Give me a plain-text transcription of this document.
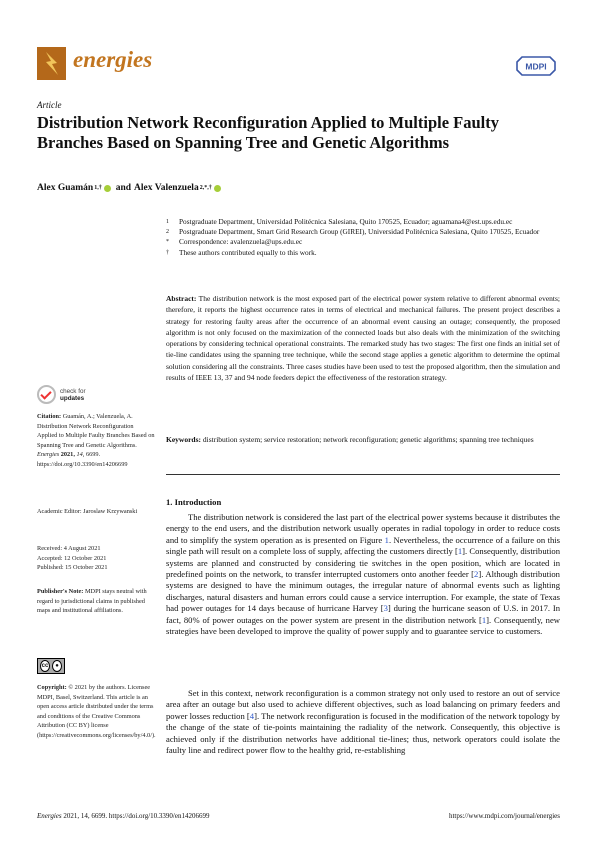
energies	MDPI
Article
Distribution Network Reconfiguration Applied to Multiple Faulty Branches Based on Spanning Tree and Genetic Algorithms
Alex Guamán 1,† and Alex Valenzuela 2,*,†
1	Postgraduate Department, Universidad Politécnica Salesiana, Quito 170525, Ecuador; aguamana4@est.ups.edu.ec
2	Postgraduate Department, Smart Grid Research Group (GIREI), Universidad Politécnica Salesiana, Quito 170525, Ecuador
*	Correspondence: avalenzuela@ups.edu.ec
†	These authors contributed equally to this work.
Abstract: The distribution network is the most exposed part of the electrical power system relative to different abnormal events; therefore, it reports the highest occurrence rates in terms of electrical and mechanical failures. The present project describes a strategy for restoring faulty areas after the occurrence of an abnormal event causing an outage; consequently, the proposed algorithm is not only focused on the maximization of the connected loads but also deals with the minimization of the switching operations by considering technical operational constraints. The remarked study has two stages: The first one finds an initial set of tie-line candidates using the spanning tree technique, while the second stage applies a genetic algorithm to determine the optimal solution considering all the constraints. Three cases studies have been used to test the proposed algorithm, then the simulation and results of IEEE 13, 37 and 94 node feeders depict the effectiveness of the restoration strategy.
Keywords: distribution system; service restoration; network reconfiguration; genetic algorithms; spanning tree techniques
check for
updates
Citation: Guamán, A.; Valenzuela, A. Distribution Network Reconfiguration Applied to Multiple Faulty Branches Based on Spanning Tree and Genetic Algorithms. Energies 2021, 14, 6699. https://doi.org/10.3390/en14206699
Academic Editor: Jaroslaw Krzywanski
Received: 4 August 2021
Accepted: 12 October 2021
Published: 15 October 2021
Publisher's Note: MDPI stays neutral with regard to jurisdictional claims in published maps and institutional affiliations.
cc	●
Copyright: © 2021 by the authors. Licensee MDPI, Basel, Switzerland. This article is an open access article distributed under the terms and conditions of the Creative Commons Attribution (CC BY) license (https://creativecommons.org/licenses/by/4.0/).
1. Introduction

The distribution network is considered the last part of the electrical power systems because it distributes the energy to the end users, and the distribution network usually operates in radial topology in order to reduce costs and to simplify the system operation as is presented on Figure 1. Nevertheless, the occurrence of a failure on this single path will result on a complete loss of supply, affecting the customers directly [1]. Consequently, distribution systems are planned and constructed by considering tie switches in the open position, which are located in predefined points on the network, to transfer interrupted customers onto another feeder [2]. Although distribution systems are designed to have the minimum outages, the irregular nature of abnormal events such as lighting discharges, natural disasters and human errors could cause a service interruption. For example, the state of Texas had power outages for 14 days because of hurricane Harvey [3] during the hurricane season of U.S. in 2017. In fact, 80% of power outages on the power system are present in the distribution network [1]. Consequently, new strategies have been developed to improve the quality of power supply and to guarantee service to customers.

Set in this context, network reconfiguration is a common strategy not only used to restore an out of service area after an outage but also used to achieve different objectives, such as load balancing on primary feeders and power losses reduction [4]. The network reconfiguration is focused in the modification of the network topology by the change of the state of tie-points maintaining the radiality of the network. Consequently, this objective is achieved only if the distribution networks have additional tie-lines; thus, network operators could isolate the faulty line and redirect power flow to the healthy grid, re-establishing

Energies 2021, 14, 6699. https://doi.org/10.3390/en14206699	https://www.mdpi.com/journal/energies
